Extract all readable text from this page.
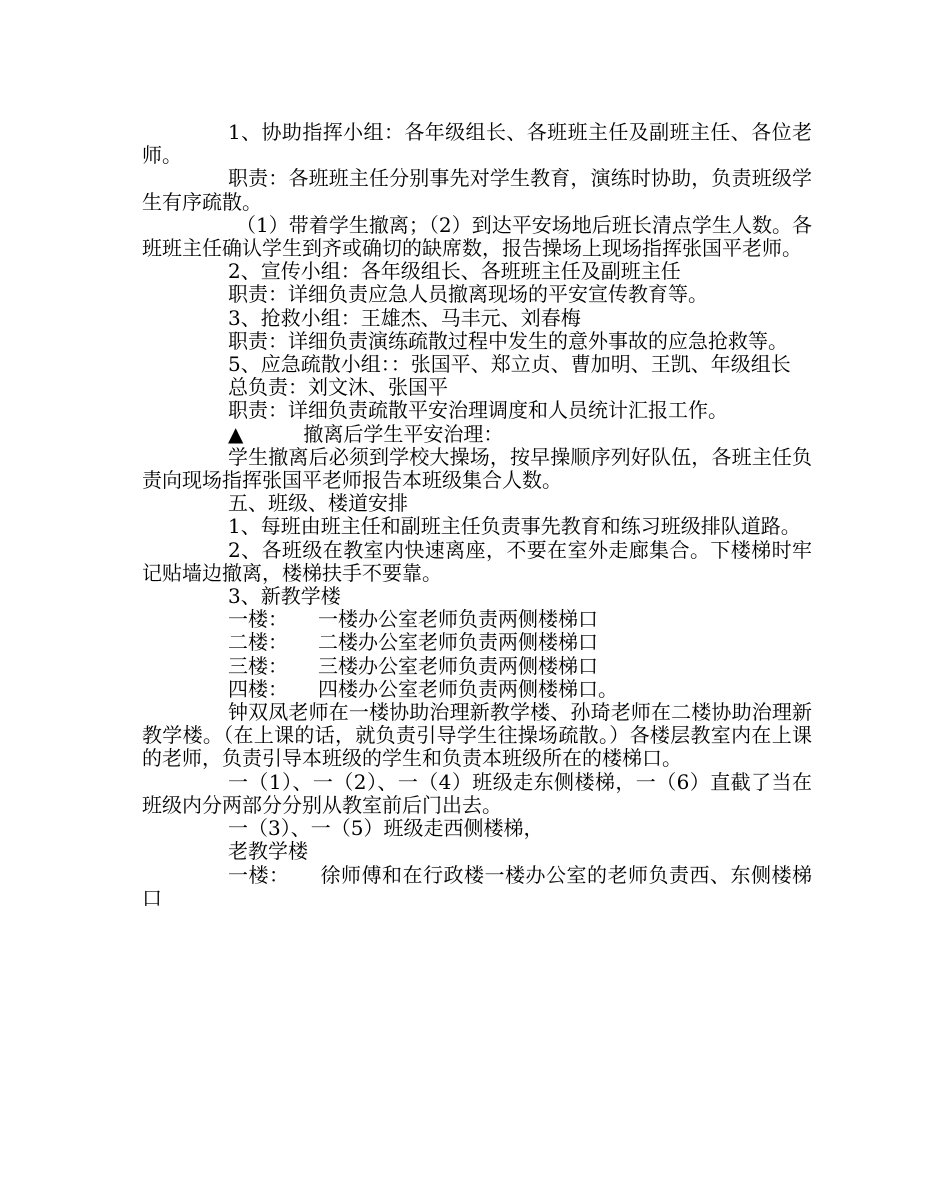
1、协助指挥小组：各年级组长、各班班主任及副班主任、各位老师。

职责：各班班主任分别事先对学生教育，演练时协助，负责班级学生有序疏散。

（1）带着学生撤离；（2）到达平安场地后班长清点学生人数。各班班主任确认学生到齐或确切的缺席数，报告操场上现场指挥张国平老师。

2、宣传小组：各年级组长、各班班主任及副班主任

职责：详细负责应急人员撤离现场的平安宣传教育等。

3、抢救小组：王雄杰、马丰元、刘春梅

职责：详细负责演练疏散过程中发生的意外事故的应急抢救等。

5、应急疏散小组：：张国平、郑立贞、曹加明、王凯、年级组长

总负责：刘文沐、张国平

职责：详细负责疏散平安治理调度和人员统计汇报工作。

▲　　　撤离后学生平安治理：

学生撤离后必须到学校大操场，按早操顺序列好队伍，各班主任负责向现场指挥张国平老师报告本班级集合人数。

五、班级、楼道安排

1、每班由班主任和副班主任负责事先教育和练习班级排队道路。

2、各班级在教室内快速离座，不要在室外走廊集合。下楼梯时牢记贴墙边撤离，楼梯扶手不要靠。

3、新教学楼

一楼：　　一楼办公室老师负责两侧楼梯口

二楼：　　二楼办公室老师负责两侧楼梯口

三楼：　　三楼办公室老师负责两侧楼梯口

四楼：　　四楼办公室老师负责两侧楼梯口。

钟双凤老师在一楼协助治理新教学楼、孙琦老师在二楼协助治理新教学楼。（在上课的话，就负责引导学生往操场疏散。）各楼层教室内在上课的老师，负责引导本班级的学生和负责本班级所在的楼梯口。

一（1）、一（2）、一（4）班级走东侧楼梯，一（6）直截了当在班级内分两部分分别从教室前后门出去。

一（3）、一（5）班级走西侧楼梯，

老教学楼

一楼：　　徐师傅和在行政楼一楼办公室的老师负责西、东侧楼梯口
